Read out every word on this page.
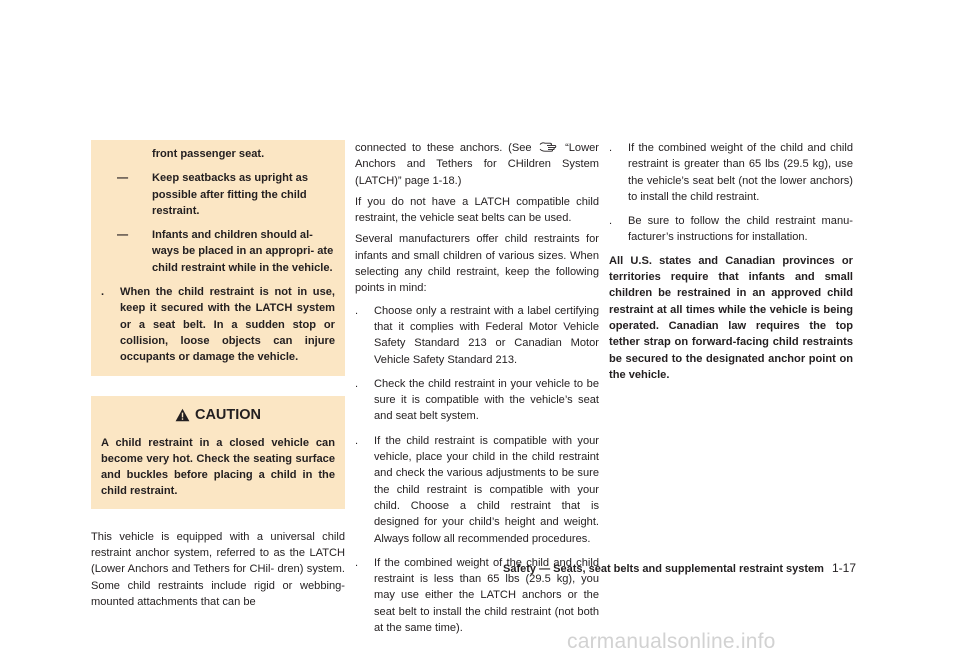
front passenger seat.

— Keep seatbacks as upright as possible after fitting the child restraint.
— Infants and children should al- ways be placed in an appropri- ate child restraint while in the vehicle.
. When the child restraint is not in use, keep it secured with the LATCH system or a seat belt. In a sudden stop or collision, loose objects can injure occupants or damage the vehicle.
CAUTION

A child restraint in a closed vehicle can become very hot. Check the seating surface and buckles before placing a child in the child restraint.

This vehicle is equipped with a universal child restraint anchor system, referred to as the LATCH (Lower Anchors and Tethers for CHil- dren) system. Some child restraints include rigid or webbing-mounted attachments that can be

connected to these anchors. (See	“Lower Anchors and Tethers for CHildren System (LATCH)” page 1-18.)

If you do not have a LATCH compatible child restraint, the vehicle seat belts can be used.

Several manufacturers offer child restraints for infants and small children of various sizes. When selecting any child restraint, keep the following points in mind:

. Choose only a restraint with a label certifying that it complies with Federal Motor Vehicle Safety Standard 213 or Canadian Motor Vehicle Safety Standard 213.
. Check the child restraint in your vehicle to be sure it is compatible with the vehicle’s seat and seat belt system.
. If the child restraint is compatible with your vehicle, place your child in the child restraint and check the various adjustments to be sure the child restraint is compatible with your child. Choose a child restraint that is designed for your child’s height and weight. Always follow all recommended procedures.
. If the combined weight of the child and child restraint is less than 65 lbs (29.5 kg), you may use either the LATCH anchors or the seat belt to install the child restraint (not both at the same time).
. If the combined weight of the child and child restraint is greater than 65 lbs (29.5 kg), use the vehicle’s seat belt (not the lower anchors) to install the child restraint.
. Be sure to follow the child restraint manu- facturer’s instructions for installation.

All U.S. states and Canadian provinces or territories require that infants and small children be restrained in an approved child restraint at all times while the vehicle is being operated. Canadian law requires the top tether strap on forward-facing child restraints be secured to the designated anchor point on the vehicle.

Safety — Seats, seat belts and supplemental restraint system 1-17
carmanualsonline.info
